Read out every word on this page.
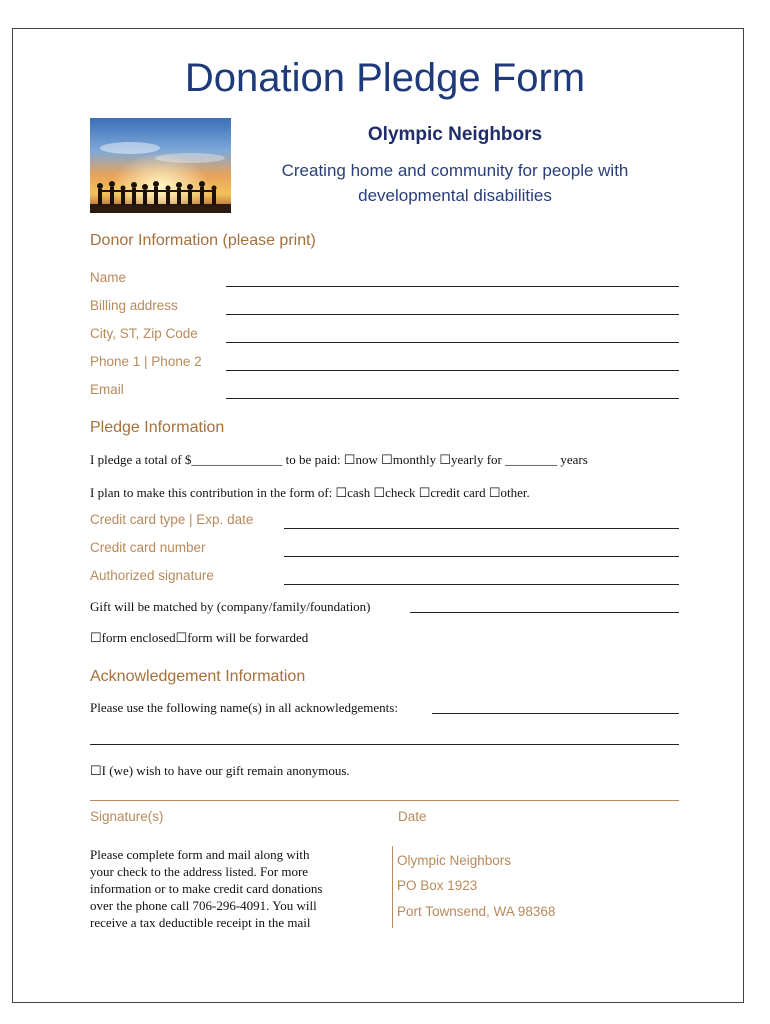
Donation Pledge Form
Olympic Neighbors
Creating home and community for people with
developmental disabilities
Donor Information (please print)
Name
Billing address
City, ST, Zip Code
Phone 1 | Phone 2
Email
Pledge Information
I pledge a total of $______________ to be paid: ☐now ☐monthly ☐yearly for ________ years
I plan to make this contribution in the form of: ☐cash ☐check ☐credit card ☐other.
Credit card type | Exp. date
Credit card number
Authorized signature
Gift will be matched by (company/family/foundation)
☐form enclosed☐form will be forwarded
Acknowledgement Information
Please use the following name(s) in all acknowledgements:
☐I (we) wish to have our gift remain anonymous.
Signature(s)	Date
Please complete form and mail along with
your check to the address listed. For more
information or to make credit card donations
over the phone call 706-296-4091. You will
receive a tax deductible receipt in the mail
Olympic Neighbors
PO Box 1923
Port Townsend, WA 98368
